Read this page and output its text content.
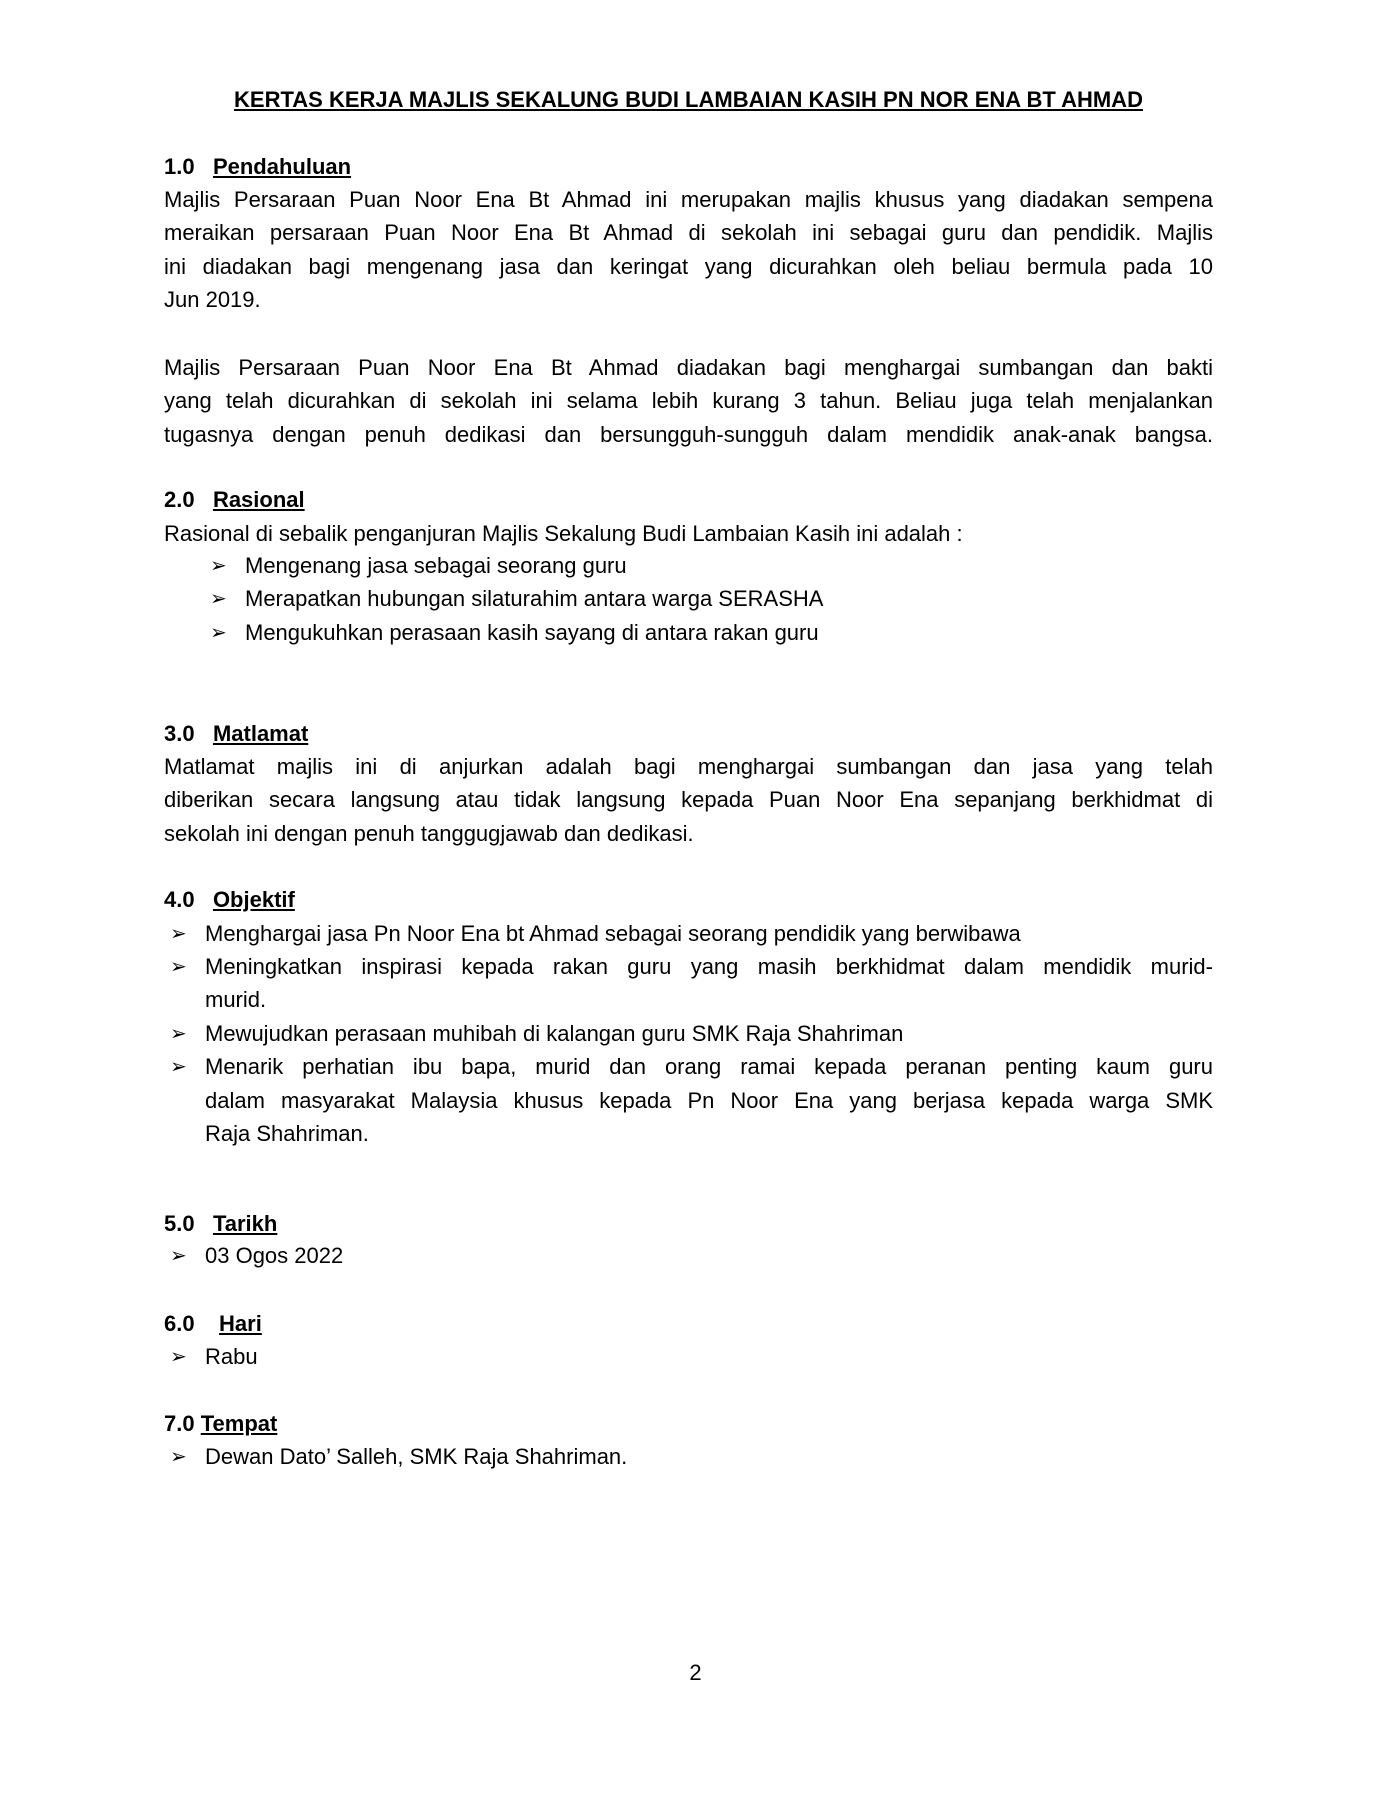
KERTAS KERJA MAJLIS SEKALUNG BUDI LAMBAIAN KASIH PN NOR ENA BT AHMAD
1.0 Pendahuluan
Majlis Persaraan Puan Noor Ena Bt Ahmad ini merupakan majlis khusus yang diadakan sempena
meraikan persaraan Puan Noor Ena Bt Ahmad di sekolah ini sebagai guru dan pendidik. Majlis
ini diadakan bagi mengenang jasa dan keringat yang dicurahkan oleh beliau bermula pada 10
Jun 2019.
Majlis Persaraan Puan Noor Ena Bt Ahmad diadakan bagi menghargai sumbangan dan bakti
yang telah dicurahkan di sekolah ini selama lebih kurang 3 tahun. Beliau juga telah menjalankan
tugasnya dengan penuh dedikasi dan bersungguh-sungguh dalam mendidik anak-anak bangsa.
2.0 Rasional
Rasional di sebalik penganjuran Majlis Sekalung Budi Lambaian Kasih ini adalah :
➢ Mengenang jasa sebagai seorang guru
➢ Merapatkan hubungan silaturahim antara warga SERASHA
➢ Mengukuhkan perasaan kasih sayang di antara rakan guru
3.0 Matlamat
Matlamat majlis ini di anjurkan adalah bagi menghargai sumbangan dan jasa yang telah
diberikan secara langsung atau tidak langsung kepada Puan Noor Ena sepanjang berkhidmat di
sekolah ini dengan penuh tanggugjawab dan dedikasi.
4.0 Objektif
➢ Menghargai jasa Pn Noor Ena bt Ahmad sebagai seorang pendidik yang berwibawa
➢ Meningkatkan inspirasi kepada rakan guru yang masih berkhidmat dalam mendidik murid-
murid.
➢ Mewujudkan perasaan muhibah di kalangan guru SMK Raja Shahriman
➢ Menarik perhatian ibu bapa, murid dan orang ramai kepada peranan penting kaum guru
dalam masyarakat Malaysia khusus kepada Pn Noor Ena yang berjasa kepada warga SMK
Raja Shahriman.
5.0 Tarikh
➢ 03 Ogos 2022
6.0 Hari
➢ Rabu
7.0 Tempat
➢ Dewan Dato’ Salleh, SMK Raja Shahriman.
2
